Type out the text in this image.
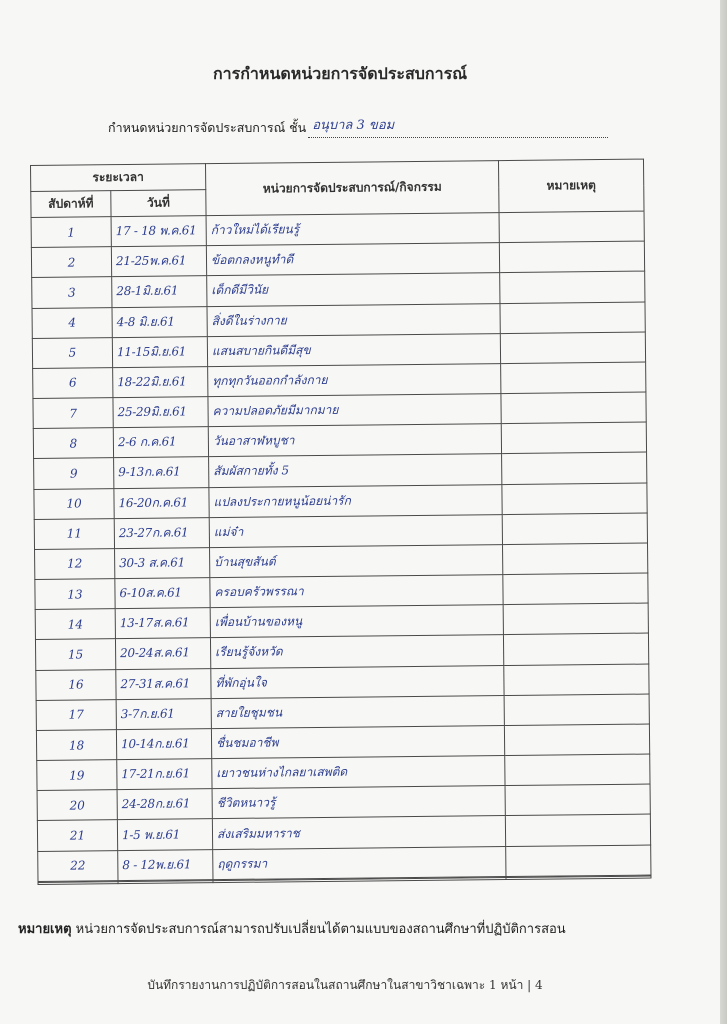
การกำหนดหน่วยการจัดประสบการณ์
กำหนดหน่วยการจัดประสบการณ์ ชั้น อนุบาล 3 ขอม
ระยะเวลา		หน่วยการจัดประสบการณ์/กิจกรรม	หมายเหตุ
สัปดาห์ที่	วันที่		
1	17 - 18 พ.ค.61	ก้าวใหม่ได้เรียนรู้	
2	21-25พ.ค.61	ข้อตกลงหนูทำดี	
3	28-1มิ.ย.61	เด็กดีมีวินัย	
4	4-8 มิ.ย.61	สิ่งดีในร่างกาย	
5	11-15มิ.ย.61	แสนสบายกินดีมีสุข	
6	18-22มิ.ย.61	ทุกทุกวันออกกำลังกาย	
7	25-29มิ.ย.61	ความปลอดภัยมีมากมาย	
8	2-6 ก.ค.61	วันอาสาฬหบูชา	
9	9-13ก.ค.61	สัมผัสกายทั้ง 5	
10	16-20ก.ค.61	แปลงประกายหนูน้อยน่ารัก	
11	23-27ก.ค.61	แม่จ๋า	
12	30-3 ส.ค.61	บ้านสุขสันต์	
13	6-10ส.ค.61	ครอบครัวพรรณา	
14	13-17ส.ค.61	เพื่อนบ้านของหนู	
15	20-24ส.ค.61	เรียนรู้จังหวัด	
16	27-31ส.ค.61	ที่พักอุ่นใจ	
17	3-7ก.ย.61	สายใยชุมชน	
18	10-14ก.ย.61	ชื่นชมอาชีพ	
19	17-21ก.ย.61	เยาวชนห่างไกลยาเสพติด	
20	24-28ก.ย.61	ชีวิตหนาวรู้	
21	1-5 พ.ย.61	ส่งเสริมมหาราช	
22	8 - 12พ.ย.61	ฤดูกรรมา	

หมายเหตุ หน่วยการจัดประสบการณ์สามารถปรับเปลี่ยนได้ตามแบบของสถานศึกษาที่ปฏิบัติการสอน
บันทึกรายงานการปฏิบัติการสอนในสถานศึกษาในสาขาวิชาเฉพาะ 1 หน้า | 4
